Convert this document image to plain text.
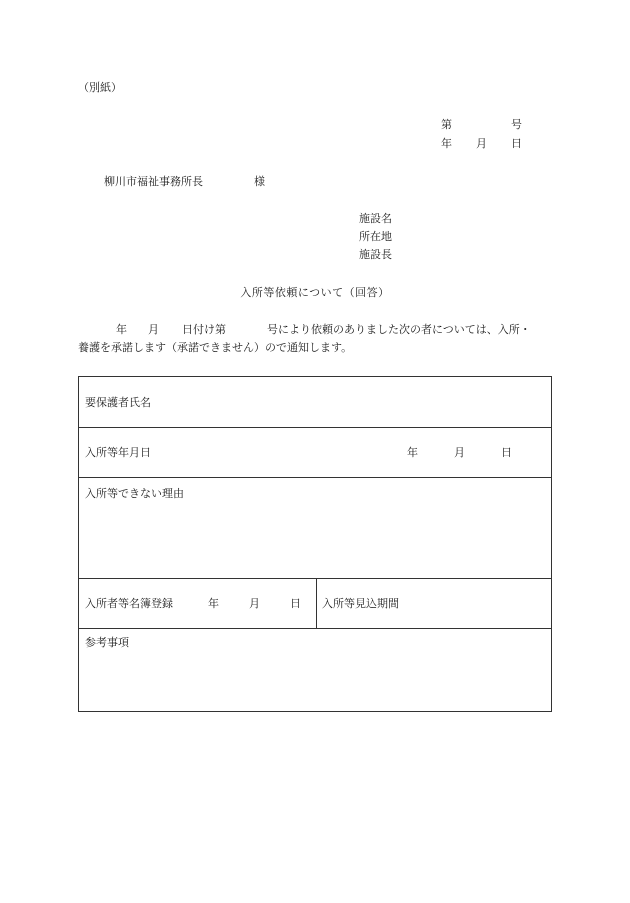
（別紙）
第	号
年 月 日
柳川市福祉事務所長	様
施設名
所在地
施設長
入所等依頼について（回答）
年 月 日付け第	号により依頼のありました次の者については、入所・
養護を承諾します（承諾できません）ので通知します。
要保護者氏名
入所等年月日	年	月	日
入所等できない理由
入所者等名簿登録	年	月	日 入所等見込期間
参考事項
